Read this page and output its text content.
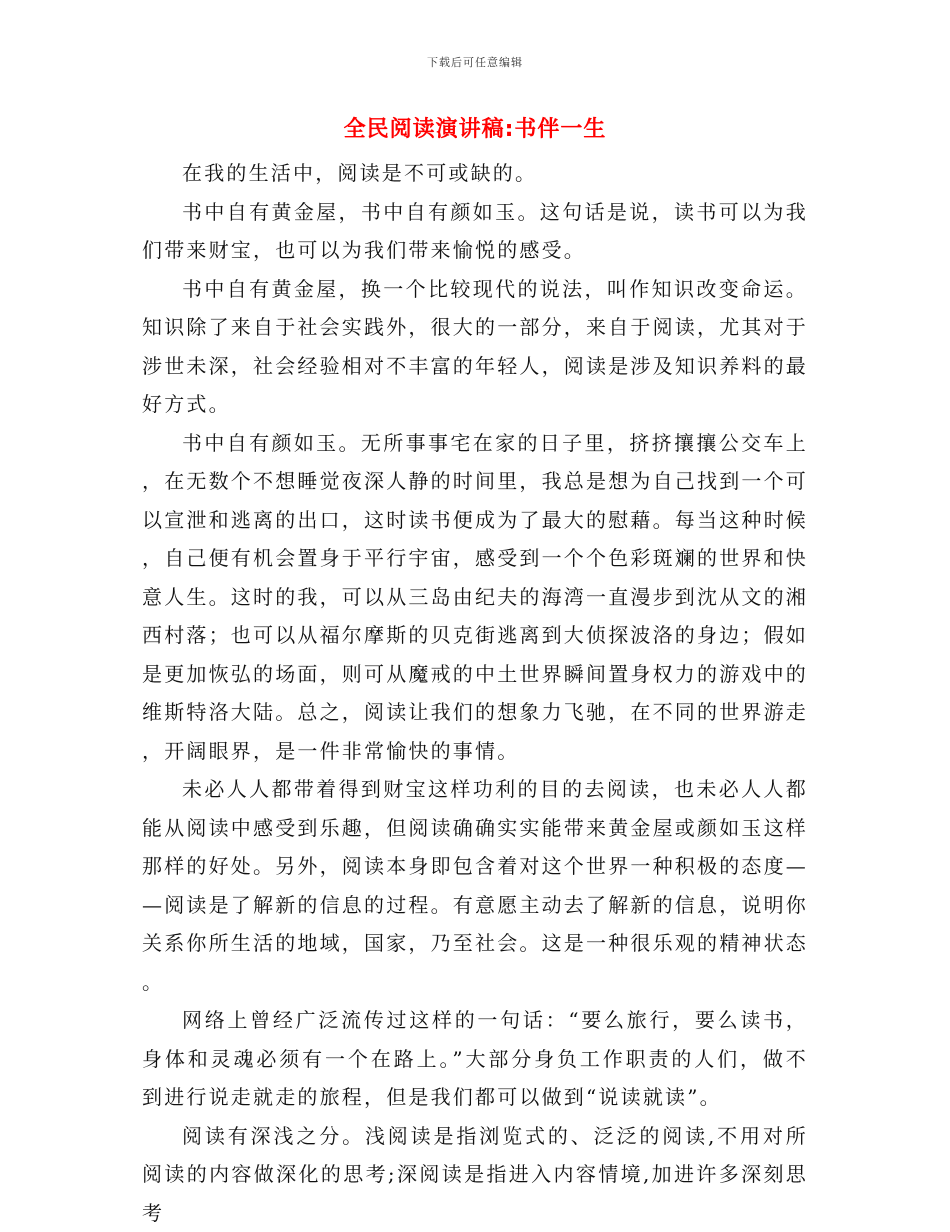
下载后可任意编辑
全民阅读演讲稿:书伴一生

在我的生活中，阅读是不可或缺的。

书中自有黄金屋，书中自有颜如玉。这句话是说，读书可以为我们带来财宝，也可以为我们带来愉悦的感受。

书中自有黄金屋，换一个比较现代的说法，叫作知识改变命运。知识除了来自于社会实践外，很大的一部分，来自于阅读，尤其对于涉世未深，社会经验相对不丰富的年轻人，阅读是涉及知识养料的最好方式。

书中自有颜如玉。无所事事宅在家的日子里，挤挤攘攘公交车上，在无数个不想睡觉夜深人静的时间里，我总是想为自己找到一个可以宣泄和逃离的出口，这时读书便成为了最大的慰藉。每当这种时候，自己便有机会置身于平行宇宙，感受到一个个色彩斑斓的世界和快意人生。这时的我，可以从三岛由纪夫的海湾一直漫步到沈从文的湘西村落；也可以从福尔摩斯的贝克街逃离到大侦探波洛的身边；假如是更加恢弘的场面，则可从魔戒的中土世界瞬间置身权力的游戏中的维斯特洛大陆。总之，阅读让我们的想象力飞驰，在不同的世界游走，开阔眼界，是一件非常愉快的事情。

未必人人都带着得到财宝这样功利的目的去阅读，也未必人人都能从阅读中感受到乐趣，但阅读确确实实能带来黄金屋或颜如玉这样那样的好处。另外，阅读本身即包含着对这个世界一种积极的态度——阅读是了解新的信息的过程。有意愿主动去了解新的信息，说明你关系你所生活的地域，国家，乃至社会。这是一种很乐观的精神状态。

网络上曾经广泛流传过这样的一句话：“要么旅行，要么读书，身体和灵魂必须有一个在路上。”大部分身负工作职责的人们，做不到进行说走就走的旅程，但是我们都可以做到“说读就读”。

阅读有深浅之分。浅阅读是指浏览式的、泛泛的阅读,不用对所阅读的内容做深化的思考;深阅读是指进入内容情境,加进许多深刻思考
